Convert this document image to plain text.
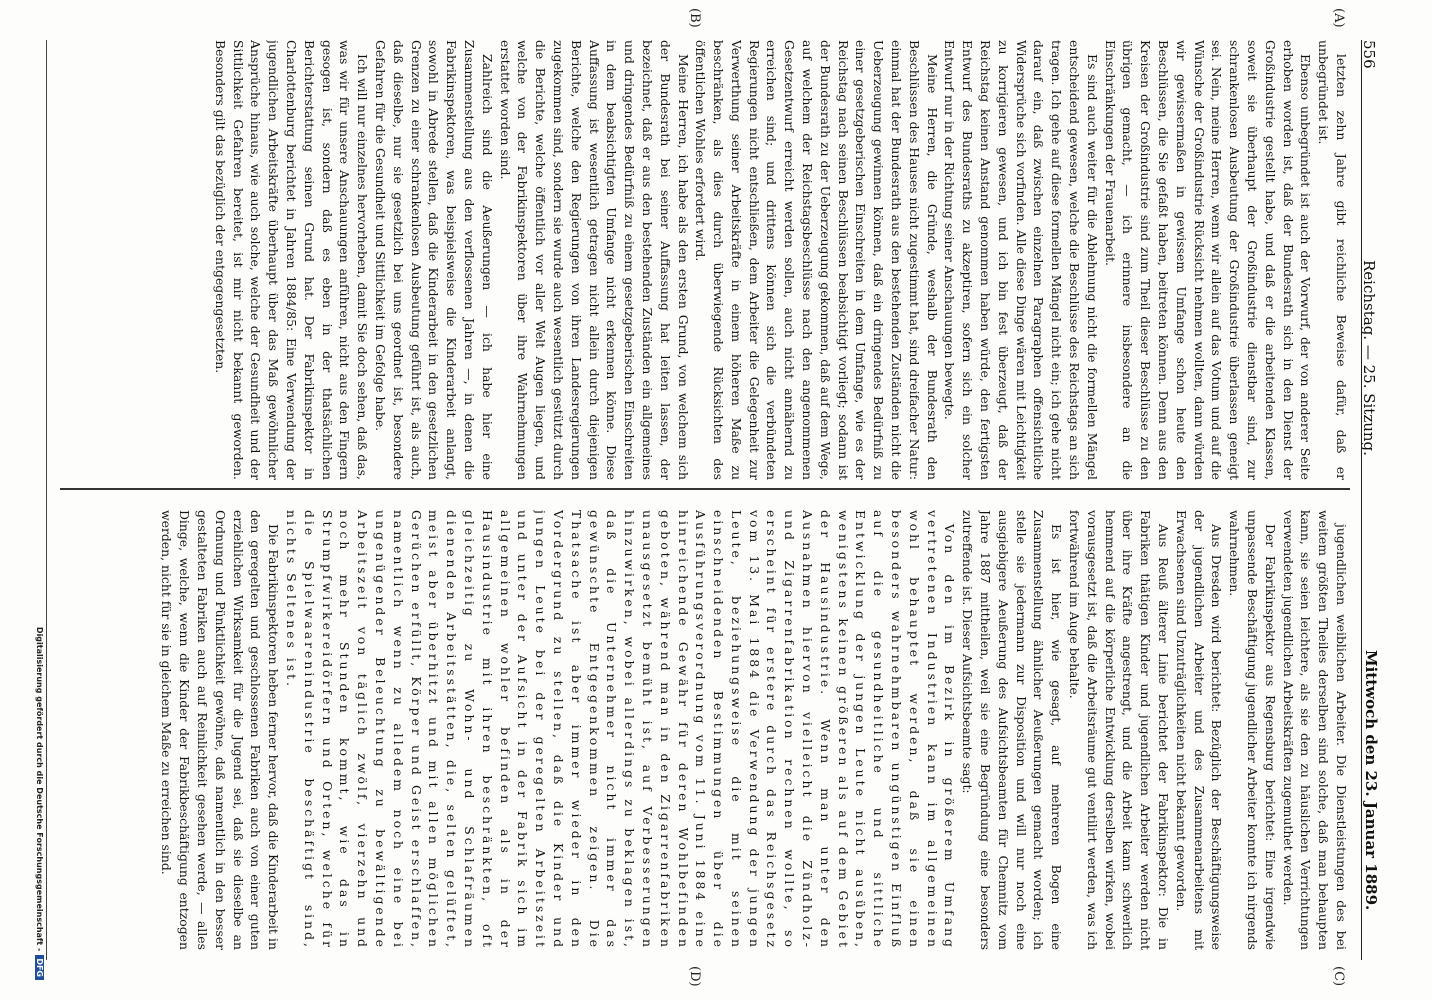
556
Reichstag. — 25. Sitzung.
Mittwoch den 23. Januar 1889.
(A)
(B)
(C)
(D)

letzten zehn Jahre gibt reichliche Beweise dafür, daß er unbegründet ist.

Ebenso unbegründet ist auch der Vorwurf, der von anderer Seite erhoben worden ist, daß der Bundesrath sich in den Dienst der Großindustrie gestellt habe, und daß er die arbeitenden Klassen, soweit sie überhaupt der Großindustrie dienstbar sind, zur schrankenlosen Ausbeutung der Großindustrie überlassen geneigt sei. Nein, meine Herren, wenn wir allein auf das Votum und auf die Wünsche der Großindustrie Rücksicht nehmen wollten, dann würden wir gewissermaßen in gewissem Umfange schon heute den Beschlüssen, die Sie gefaßt haben, beitreten können. Denn aus den Kreisen der Großindustrie sind zum Theil dieser Beschlüsse zu den übrigen gemacht, — ich erinnere insbesondere an die Einschränkungen der Frauenarbeit.

Es sind auch weiter für die Ablehnung nicht die formellen Mängel entscheidend gewesen, welche die Beschlüsse des Reichstags an sich tragen. Ich gehe auf diese formellen Mängel nicht ein; ich gehe nicht darauf ein, daß zwischen einzelnen Paragraphen offensichtliche Widersprüche sich vorfinden. Alle diese Dinge wären mit Leichtigkeit zu korrigieren gewesen, und ich bin fest überzeugt, daß der Reichstag keinen Anstand genommen haben würde, den fertigsten Entwurf des Bundesraths zu akzeptiren, sofern sich ein solcher Entwurf nur in der Richtung seiner Anschauungen bewegte.

Meine Herren, die Gründe, weshalb der Bundesrath den Beschlüssen des Hauses nicht zugestimmt hat, sind dreifacher Natur: einmal hat der Bundesrath aus den bestehenden Zuständen nicht die Ueberzeugung gewinnen können, daß ein dringendes Bedürfniß zu einer gesetzgeberischen Einschreiten in dem Umfange, wie es der Reichstag nach seinen Beschlüssen beabsichtigt vorliegt; sodann ist der Bundesrath zu der Ueberzeugung gekommen, daß auf dem Wege, auf welchem der Reichstagsbeschlüsse nach den angenommenen Gesetzentwurf erreicht werden sollen, auch nicht annähernd zu erreichen sind; und drittens können sich die verbündeten Regierungen nicht entschließen, dem Arbeiter die Gelegenheit zur Verwerthung seiner Arbeitskräfte in einem höheren Maße zu beschränken, als dies durch überwiegende Rücksichten des öffentlichen Wohles erfordert wird.

Meine Herren, ich habe als den ersten Grund, von welchem sich der Bundesrath bei seiner Auffassung hat leiten lassen, der bezeichnet, daß er aus den bestehenden Zuständen ein allgemeines und dringendes Bedürfniß zu einem gesetzgeberischen Einschreiten in dem beabsichtigten Umfange nicht erkennen könne. Diese Auffassung ist wesentlich getragen nicht allein durch diejenigen Berichte, welche den Regierungen von ihren Landesregierungen zugekommen sind, sondern sie wurde auch wesentlich gestützt durch die Berichte, welche öffentlich vor aller Welt Augen liegen, und welche von der Fabrikinspektoren über ihre Wahrnehmungen erstattet worden sind.

Zahlreich sind die Aeußerungen — ich habe hier eine Zusammenstellung aus den verflossenen Jahren —, in denen die Fabrikinspektoren, was beispielsweise die Kinderarbeit anlangt, sowohl in Abrede stellen, daß die Kinderarbeit in den gesetzlichen Grenzen zu einer schrankenlosen Ausbeutung geführt ist, als auch, daß dieselbe, nur sie gesetzlich bei uns geordnet ist, besondere Gefahren für die Gesundheit und Sittlichkeit im Gefolge habe.

Ich will nur einzelnes hervorheben, damit Sie doch sehen, daß das, was wir für unsere Anschauungen anführen, nicht aus den Fingern gesogen ist, sondern daß es eben in der thatsächlichen Berichterstattung seinen Grund hat. Der Fabrikinspektor in Charlottenburg berichtet in Jahren 1884/85: Eine Verwendung der jugendlichen Arbeitskräfte überhaupt über das Maß gewöhnlicher Ansprüche hinaus, wie auch solche, welche der Gesundheit und der Sittlichkeit Gefahren bereitet, ist mir nicht bekannt geworden. Besonders gilt das bezüglich der entgegengesetzten.

jugendlichen weiblichen Arbeiter. Die Dienstleistungen des bei weitem größten Theiles derselben sind solche, daß man behaupten kann, sie seien leichtere, als sie den zu häuslichen Verrichtungen verwendeten jugendlichen Arbeitskräften zugemuthet werden.

Der Fabrikinspektor aus Regensburg berichtet: Eine irgendwie unpassende Beschäftigung jugendlicher Arbeiter konnte ich nirgends wahrnehmen.

Aus Dresden wird berichtet: Bezüglich der Beschäftigungsweise der jugendlichen Arbeiter und des Zusammenarbeitens mit Erwachsenen sind Unzuträglichkeiten nicht bekannt geworden.

Aus Reuß älterer Linie berichtet der Fabrikinspektor: Die in Fabriken thätigen Kinder und jugendlichen Arbeiter werden nicht über ihre Kräfte angestrengt, und die Arbeit kann schwerlich hemmend auf die körperliche Entwicklung derselben wirken, wobei vorausgesetzt ist, daß die Arbeitsräume gut ventilirt werden, was ich fortwährend im Auge behalte.

Es ist hier, wie gesagt, auf mehreren Bogen eine Zusammenstellung ähnlicher Aeußerungen gemacht worden; ich stelle sie jedermann zur Disposition und will nur noch eine ausgiebigere Aeußerung des Aufsichtsbeamten für Chemnitz vom Jahre 1887 mittheilen, weil sie eine Begründung eine besonders zutreffende ist. Dieser Aufsichtsbeamte sagt:

Von den im Bezirk in größerem Umfang vertretenen Industrien kann im allgemeinen wohl behauptet werden, daß sie einen besonders wahrnehmbaren ungünstigen Einfluß auf die gesundheitliche und sittliche Entwicklung der jungen Leute nicht ausüben, wenigstens keinen größeren als auf dem Gebiet der Hausindustrie. Wenn man unter den Ausnahmen hiervon vielleicht die Zündholz- und Zigarrenfabrikation rechnen wollte, so erscheint für erstere durch das Reichsgesetz vom 13. Mai 1884 die Verwendung der jungen Leute, beziehungsweise die mit seinen einschneidenden Bestimmungen über die Ausführungsverordnung vom 11. Juni 1884 eine hinreichende Gewähr für deren Wohlbefinden geboten, während man in den Zigarrenfabriken unausgesetzt bemüht ist, auf Verbesserungen hinzuwirken, wobei allerdings zu beklagen ist, daß die Unternehmer nicht immer das gewünschte Entgegenkommen zeigen. Die Thatsache ist aber immer wieder in den Vordergrund zu stellen, daß die Kinder und jungen Leute bei der geregelten Arbeitszeit und unter der Aufsicht in der Fabrik sich im allgemeinen wohler befinden als in der Hausindustrie mit ihren beschränkten, oft gleichzeitig zu Wohn- und Schlafräumen dienenden Arbeitsstätten, die, selten gelüftet, meist aber überhitzt und mit allen möglichen Gerüchen erfüllt, Körper und Geist erschlaffen, namentlich wenn zu alledem noch eine bei ungenügender Beleuchtung zu bewältigende Arbeitszeit von täglich zwölf, vierzehn und noch mehr Stunden kommt, wie das in Strumpfwirkereidörfern und Orten, welche für die Spielwaarenindustrie beschäftigt sind, nichts Seltenes ist.

Die Fabrikinspektoren heben ferner hervor, daß die Kinderarbeit in den geregelten und geschlossenen Fabriken auch von einer guten erziehlichen Wirksamkeit für die Jugend sei, daß sie dieselbe an Ordnung und Pünktlichkeit gewöhne, daß namentlich in den besser gestalteten Fabriken auch auf Reinlichkeit gesehen werde, — alles Dinge, welche, wenn die Kinder der Fabrikbeschäftigung entzogen werden, nicht für sie in gleichem Maße zu erreichen sind.

Digitalisierung gefördert durch die Deutsche Forschungsgemeinschaft -DFG
